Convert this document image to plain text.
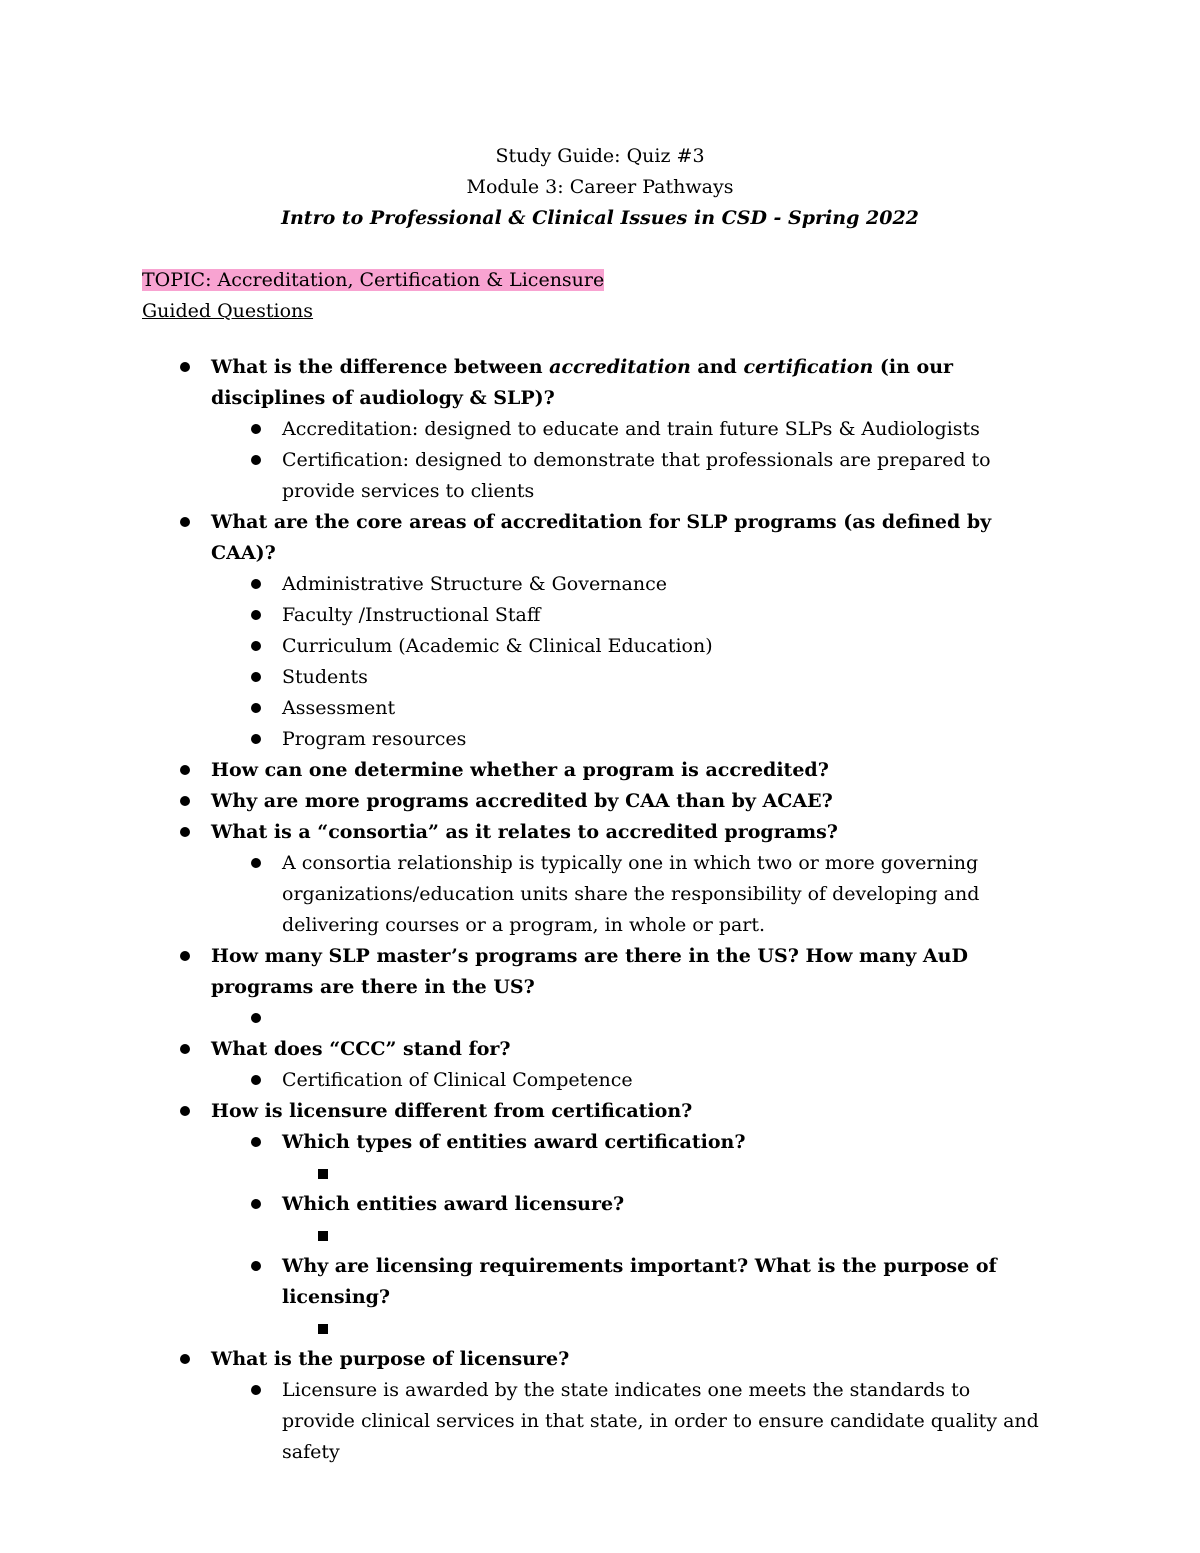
Study Guide: Quiz #3
Module 3: Career Pathways
Intro to Professional & Clinical Issues in CSD - Spring 2022
TOPIC: Accreditation, Certification & Licensure
Guided Questions
What is the difference between accreditation and certification (in our disciplines of audiology & SLP)?
Accreditation: designed to educate and train future SLPs & Audiologists
Certification: designed to demonstrate that professionals are prepared to provide services to clients
What are the core areas of accreditation for SLP programs (as defined by CAA)?
Administrative Structure & Governance
Faculty /Instructional Staff
Curriculum (Academic & Clinical Education)
Students
Assessment
Program resources
How can one determine whether a program is accredited?
Why are more programs accredited by CAA than by ACAE?
What is a “consortia” as it relates to accredited programs?
A consortia relationship is typically one in which two or more governing organizations/education units share the responsibility of developing and delivering courses or a program, in whole or part.
How many SLP master’s programs are there in the US? How many AuD programs are there in the US?

What does “CCC” stand for?
Certification of Clinical Competence
How is licensure different from certification?
Which types of entities award certification?
Which entities award licensure?
Why are licensing requirements important? What is the purpose of licensing?
What is the purpose of licensure?
Licensure is awarded by the state indicates one meets the standards to provide clinical services in that state, in order to ensure candidate quality and safety
